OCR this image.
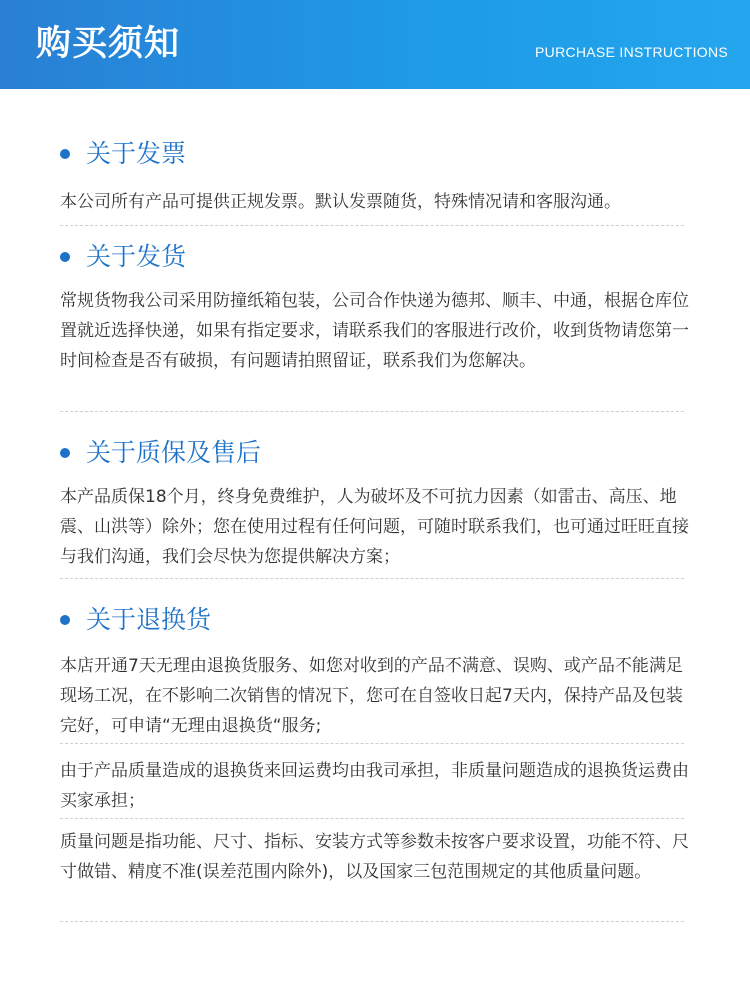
购买须知	PURCHASE INSTRUCTIONS
关于发票

本公司所有产品可提供正规发票。默认发票随货，特殊情况请和客服沟通。

关于发货

常规货物我公司采用防撞纸箱包装，公司合作快递为德邦、顺丰、中通，根据仓库位置就近选择快递，如果有指定要求，请联系我们的客服进行改价，收到货物请您第一时间检查是否有破损，有问题请拍照留证，联系我们为您解决。

关于质保及售后

本产品质保18个月，终身免费维护，人为破坏及不可抗力因素（如雷击、高压、地震、山洪等）除外；您在使用过程有任何问题，可随时联系我们，也可通过旺旺直接与我们沟通，我们会尽快为您提供解决方案；

关于退换货

本店开通7天无理由退换货服务、如您对收到的产品不满意、误购、或产品不能满足现场工况，在不影响二次销售的情况下，您可在自签收日起7天内，保持产品及包装完好，可申请“无理由退换货“服务;

由于产品质量造成的退换货来回运费均由我司承担，非质量问题造成的退换货运费由买家承担；

质量问题是指功能、尺寸、指标、安装方式等参数未按客户要求设置，功能不符、尺寸做错、精度不准(误差范围内除外)，以及国家三包范围规定的其他质量问题。
